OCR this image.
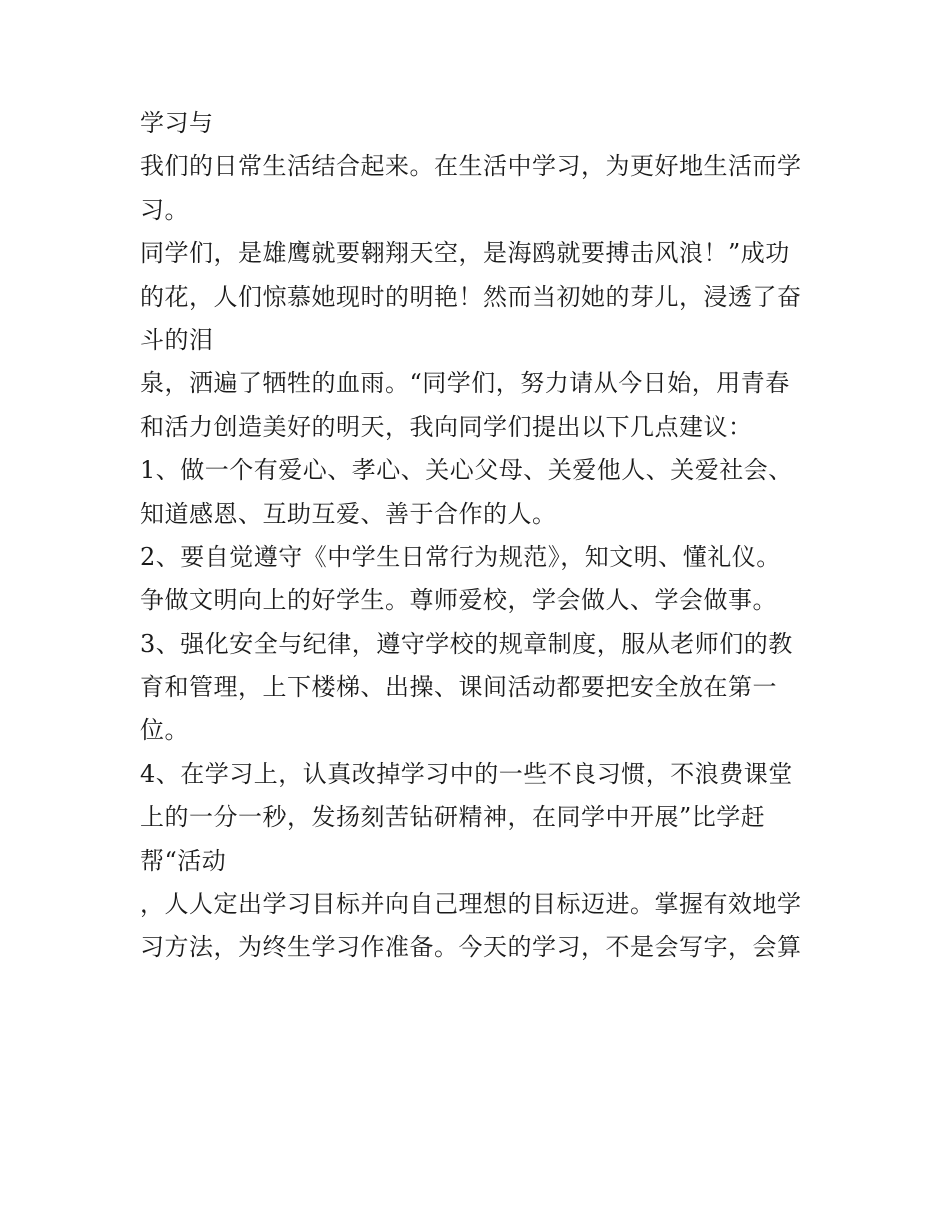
学习与
我们的日常生活结合起来。在生活中学习，为更好地生活而学
习。
同学们，是雄鹰就要翱翔天空，是海鸥就要搏击风浪！”成功
的花，人们惊慕她现时的明艳！然而当初她的芽儿，浸透了奋
斗的泪
泉，洒遍了牺牲的血雨。“同学们，努力请从今日始，用青春
和活力创造美好的明天，我向同学们提出以下几点建议：
1、做一个有爱心、孝心、关心父母、关爱他人、关爱社会、
知道感恩、互助互爱、善于合作的人。
2、要自觉遵守《中学生日常行为规范》，知文明、懂礼仪。
争做文明向上的好学生。尊师爱校，学会做人、学会做事。
3、强化安全与纪律，遵守学校的规章制度，服从老师们的教
育和管理，上下楼梯、出操、课间活动都要把安全放在第一
位。
4、在学习上，认真改掉学习中的一些不良习惯，不浪费课堂
上的一分一秒，发扬刻苦钻研精神，在同学中开展”比学赶
帮“活动
，人人定出学习目标并向自己理想的目标迈进。掌握有效地学
习方法，为终生学习作准备。今天的学习，不是会写字，会算
